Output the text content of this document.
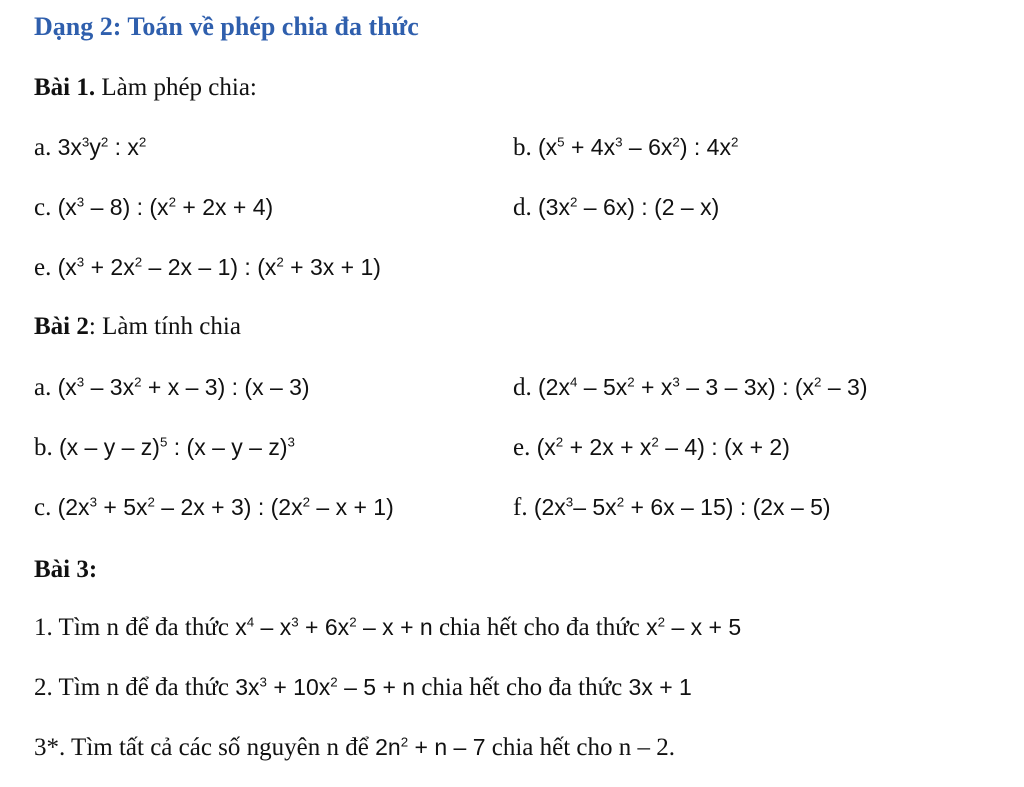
Dạng 2: Toán về phép chia đa thức
Bài 1. Làm phép chia:
a. $3x^3y^2$ : $x^2$	b. $(x^5 + 4x^3 - 6x^2)$ : $4x^2$
c. $(x^3 - 8)$ : $(x^2 + 2x + 4)$	d. $(3x^2 - 6x)$ : (2 – x)
e. $(x^3 + 2x^2 - 2x - 1)$ : $(x^2 + 3x + 1)$
Bài 2: Làm tính chia
a. $(x^3 - 3x^2 + x - 3)$ : (x – 3)	d. $(2x^4 - 5x^2 + x^3 - 3 - 3x)$ : $(x^2 - 3)$
b. (x – y – z)$^5$ : (x – y – z)$^3$	e. $(x^2 + 2x + x^2 - 4)$ : (x + 2)
c. $(2x^3 + 5x^2 - 2x + 3)$ : $(2x^2 - x + 1)$	f. ($2x^3-$ $5x^2 + 6x - 15$) : (2x – 5)
Bài 3:
1. Tìm n để đa thức $x^4 - x^3 + 6x^2 - x + n$ chia hết cho đa thức $x^2 - x + 5$
2. Tìm n để đa thức $3x^3 + 10x^2 - 5 + n$ chia hết cho đa thức 3x + 1
3*. Tìm tất cả các số nguyên n để $2n^2 + n - 7$ chia hết cho n – 2.
